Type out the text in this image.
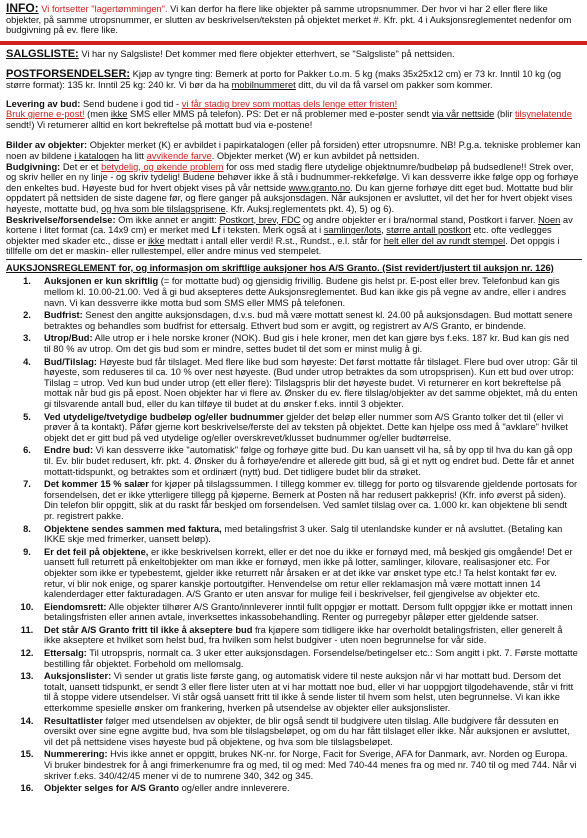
INFO: Vi fortsetter "lagertømmingen". Vi kan derfor ha flere like objekter på samme utropsnummer. Der hvor vi har 2 eller flere like objekter, på samme utropsnummer, er slutten av beskrivelsen/teksten på objektet merket #. Kfr. pkt. 4 i Auksjonsreglementet nedenfor om budgivning på ev. flere like.

SALGSLISTE: Vi har ny Salgsliste! Det kommer med flere objekter etterhvert, se "Salgsliste" på nettsiden.

POSTFORSENDELSER: Kjøp av tyngre ting: Bemerk at porto for Pakker t.o.m. 5 kg (maks 35x25x12 cm) er 73 kr. Inntil 10 kg (og større format): 135 kr. Inntil 25 kg: 240 kr. Vi bør da ha mobilnummeret ditt, du vil da få varsel om pakker som kommer.

Levering av bud: Send budene i god tid - vi får stadig brev som mottas dels lenge etter fristen!
Bruk gjerne e-post! (men ikke SMS eller MMS på telefon). PS: Det er nå problemer med e-poster sendt via vår nettside (blir tilsynelatende sendt!) Vi returnerer alltid en kort bekreftelse på mottatt bud via e-postene!

Bilder av objekter: Objekter merket (K) er avbildet i papirkatalogen (eller på forsiden) etter utropsnumre. NB! P.g.a. tekniske problemer kan noen av bildene i katalogen ha litt avvikende farve. Objekter merket (W) er kun avbildet på nettsiden.

Budgivning: Det er et betydelig, og økende problem for oss med stadig flere utydelige objektnumre/budbeløp på budsedlene!! Strek over, og skriv heller en ny linje - og skriv tydelig! Budene behøver ikke å stå i budnummer-rekkefølge. Vi kan dessverre ikke følge opp og forhøye den enkeltes bud. Høyeste bud for hvert objekt vises på vår nettside www.granto.no. Du kan gjerne forhøye ditt eget bud. Mottatte bud blir oppdatert på nettsiden de siste dagene før, og flere ganger på auksjonsdagen. Når auksjonen er avsluttet, vil det her for hvert objekt vises høyeste, mottatte bud, og hva som ble tilslagsprisene. Kfr. Auksj.reglementets pkt. 4), 5) og 6).

Beskrivelse/forsendelse: Om ikke annet er angitt: Postkort, brev, FDC og andre objekter er i bra/normal stand, Postkort i farver. Noen av kortene i litet format (ca. 14x9 cm) er merket med Lf i teksten. Merk også at i samlinger/lots, større antall postkort etc. ofte vedlegges objekter med skader etc., disse er ikke medtatt i antall eller verdi! R.st., Rundst., e.l. står for helt eller del av rundt stempel. Det oppgis i tillfelle om det er maskin- eller rullestempel, eller andre minus ved stempelet.

AUKSJONSREGLEMENT for, og informasjon om skriftlige auksjoner hos A/S Granto. (Sist revidert/justert til auksjon nr. 126)

1.	Auksjonen er kun skriftlig (= for mottatte bud) og gjensidig frivillig. Budene gis helst pr. E-post eller brev. Telefonbud kan gis mellom kl. 10.00-21.00. Ved å gi bud aksepteres dette Auksjonsreglementet. Bud kan ikke gis på vegne av andre, eller i andres navn. Vi kan dessverre ikke motta bud som SMS eller MMS på telefonen.
2.	Budfrist: Senest den angitte auksjonsdagen, d.v.s. bud må være mottatt senest kl. 24.00 på auksjonsdagen. Bud mottatt senere betraktes og behandles som budfrist for ettersalg. Ethvert bud som er avgitt, og registrert av A/S Granto, er bindende.
3.	Utrop/Bud: Alle utrop er i hele norske kroner (NOK). Bud gis i hele kroner, men det kan gjøre bys f.eks. 187 kr. Bud kan gis ned til 80 % av utrop. Om det gis bud som er mindre, settes budet til det som er minst mulig å gi.
4.	Bud/Tilslag: Høyeste bud får tilslaget. Med flere like bud som høyeste: Det først mottatte får tilslaget. Flere bud over utrop: Går til høyeste, som reduseres til ca. 10 % over nest høyeste. (Bud under utrop betraktes da som utropsprisen). Kun ett bud over utrop: Tilslag = utrop. Ved kun bud under utrop (ett eller flere): Tilslagspris blir det høyeste budet. Vi returnerer en kort bekreftelse på mottak når bud gis på epost. Noen objekter har vi flere av. Ønsker du ev. flere tilslag/objekter av det samme objektet, må du enten gi tilsvarende antall bud, eller du kan tilføye til budet at du ønsker f.eks. inntil 3 objekter.
5.	Ved utydelige/tvetydige budbeløp og/eller budnummer gjelder det beløp eller nummer som A/S Granto tolker det til (eller vi prøver å ta kontakt). Påfør gjerne kort beskrivelse/ferste del av teksten på objektet. Dette kan hjelpe oss med å "avklare" hvilket objekt det er gitt bud på ved utydelige og/eller overskrevet/klusset budnummer og/eller budtørrelse.
6.	Endre bud: Vi kan dessverre ikke "automatisk" følge og forhøye gitte bud. Du kan uansett vil ha, så by opp til hva du kan gå opp til. Ev. blir budet redusert, kfr. pkt. 4. Ønsker du å forhøye/endre et allerede gitt bud, så gi et nytt og endret bud. Dette får et annet mottatt-tidspunkt, og betraktes som et ordinært (nytt) bud. Det tidligere budet blir da strøket.
7.	Det kommer 15 % salær for kjøper på tilslagssummen. I tillegg kommer ev. tillegg for porto og tilsvarende gjeldende portosats for forsendelsen, det er ikke ytterligere tillegg på kjøperne. Bemerk at Posten nå har redusert pakkepris! (Kfr. info øverst på siden). Din telefon blir oppgitt, slik at du raskt får beskjed om forsendelsen. Ved samlet tilslag over ca. 1.000 kr. kan objektene bli sendt pr. registrert pakke.
8.	Objektene sendes sammen med faktura, med betalingsfrist 3 uker. Salg til utenlandske kunder er nå avsluttet. (Betaling kan IKKE skje med frimerker, uansett beløp).
9.	Er det feil på objektene, er ikke beskrivelsen korrekt, eller er det noe du ikke er fornøyd med, må beskjed gis omgående! Det er uansett full returrett på enkeltobjekter om man ikke er fornøyd, men ikke på lotter, samlinger, kilovare, realisasjoner etc. For objekter som ikke er typebestemt, gjelder ikke returrett når årsaken er at det ikke var ønsket type etc.! Ta helst kontakt før ev. retur, vi blir nok enige, og sparer kanskje portoutgifter. Henvendelse om retur eller reklamasjon må være mottatt innen 14 kalenderdager etter fakturadagen. A/S Granto er uten ansvar for mulige feil i beskrivelser, feil gjengivelse av objekter etc.
10.	Eiendomsrett: Alle objekter tilhører A/S Granto/innleverer inntil fullt oppgjør er mottatt. Dersom fullt oppgjør ikke er mottatt innen betalingsfristen eller annen avtale, inverksettes inkassobehandling. Renter og purregebyr påløper etter gjeldende satser.
11.	Det står A/S Granto fritt til ikke å akseptere bud fra kjøpere som tidligere ikke har overholdt betalingsfristen, eller generelt å ikke akseptere et hvilket som helst bud, fra hvilken som helst budgiver - uten noen begrunnelse for vår side.
12.	Ettersalg: Til utropspris, normalt ca. 3 uker etter auksjonsdagen. Forsendelse/betingelser etc.: Som angitt i pkt. 7. Første mottatte bestilling får objektet. Forbehold om mellomsalg.
13.	Auksjonslister: Vi sender ut gratis liste første gang, og automatisk videre til neste auksjon når vi har mottatt bud. Dersom det totalt, uansett tidspunkt, er sendt 3 eller flere lister uten at vi har mottatt noe bud, eller vi har uoppgjort tilgodehavende, står vi fritt til å stoppe videre utsendelser. Vi står også uansett fritt til ikke å sende lister til hvem som helst, uten begrunnelse. Vi kan ikke etterkomme spesielle ønsker om frankering, hverken på utsendelse av objekter eller auksjonslister.
14.	Resultatlister følger med utsendelsen av objekter, de blir også sendt til budgivere uten tilslag. Alle budgivere får dessuten en oversikt over sine egne avgitte bud, hva som ble tilslagsbeløpet, og om du har fått tilslaget eller ikke. Når auksjonen er avsluttet, vil det på nettsidene vises høyeste bud på objektene, og hva som ble tilslagsbeløpet.
15.	Nummerering: Hvis ikke annet er oppgitt, brukes NK-nr. for Norge, Facit for Sverige, AFA for Danmark, avr. Norden og Europa. Vi bruker bindestrek for å angi frimerkenumre fra og med, til og med: Med 740-44 menes fra og med nr. 740 til og med 744. Når vi skriver f.eks. 340/42/45 mener vi de to numrene 340, 342 og 345.
16.	Objekter selges for A/S Granto og/eller andre innleverere.
